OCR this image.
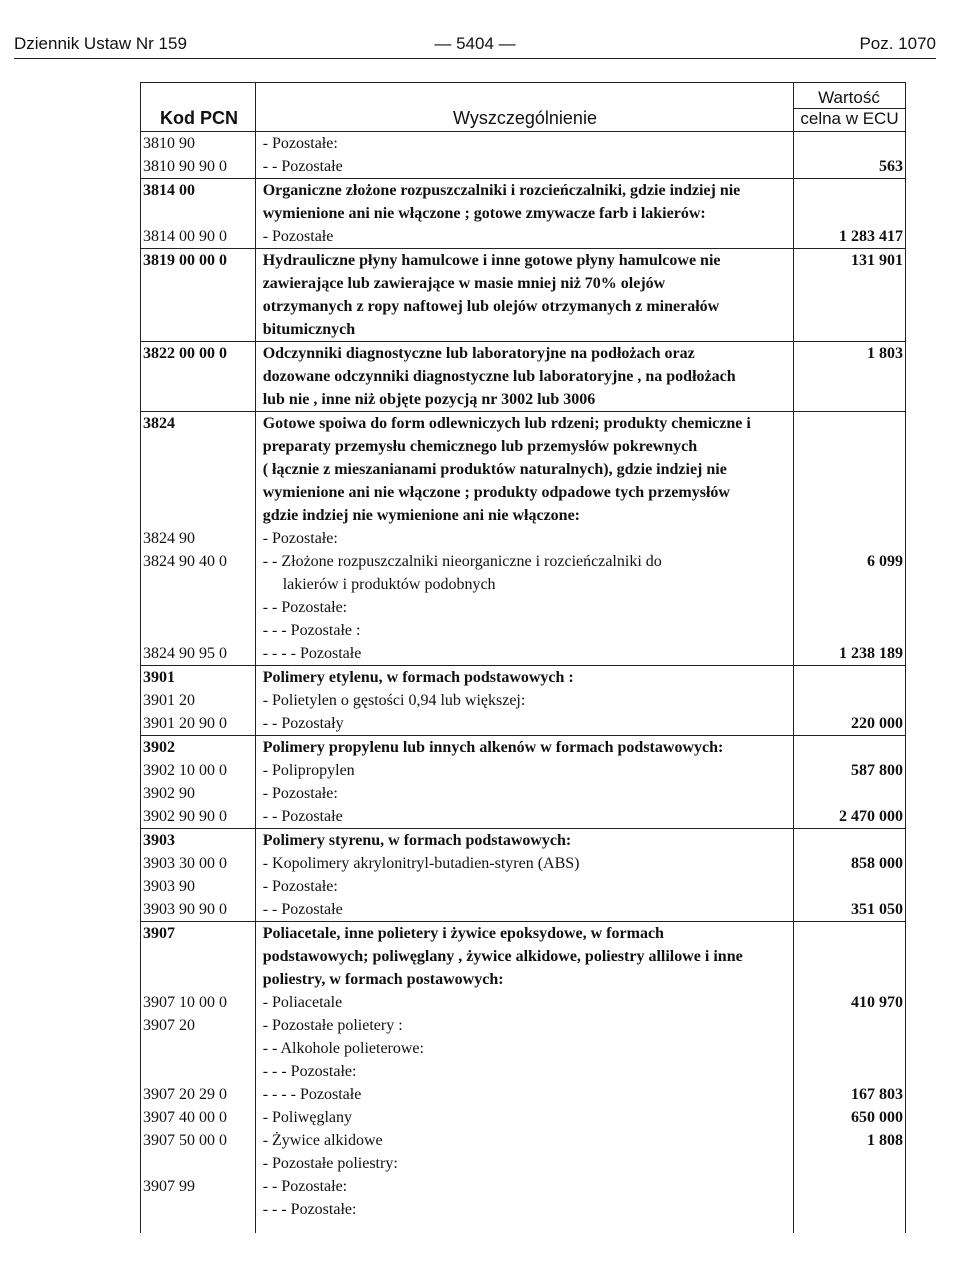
Dziennik Ustaw Nr 159	— 5404 —	Poz. 1070
Kod PCN	Wyszczególnienie
Wartość
celna w ECU
3810 90	- Pozostałe:
3810 90 90 0	- - Pozostałe	563
3814 00	Organiczne złożone rozpuszczalniki i rozcieńczalniki, gdzie indziej nie
wymienione ani nie włączone ; gotowe zmywacze farb i lakierów:
3814 00 90 0	- Pozostałe	1 283 417
3819 00 00 0	Hydrauliczne płyny hamulcowe i inne gotowe płyny hamulcowe nie	131 901
zawierające lub zawierające w masie mniej niż 70% olejów
otrzymanych z ropy naftowej lub olejów otrzymanych z minerałów
bitumicznych
3822 00 00 0	Odczynniki diagnostyczne lub laboratoryjne na podłożach oraz	1 803
dozowane odczynniki diagnostyczne lub laboratoryjne , na podłożach
lub nie , inne niż objęte pozycją nr 3002 lub 3006
3824	Gotowe spoiwa do form odlewniczych lub rdzeni; produkty chemiczne i
preparaty przemysłu chemicznego lub przemysłów pokrewnych
( łącznie z mieszanianami produktów naturalnych), gdzie indziej nie
wymienione ani nie włączone ; produkty odpadowe tych przemysłów
gdzie indziej nie wymienione ani nie włączone:
3824 90	- Pozostałe:
3824 90 40 0	- - Złożone rozpuszczalniki nieorganiczne i rozcieńczalniki do	6 099
lakierów i produktów podobnych
- - Pozostałe:
- - - Pozostałe :
3824 90 95 0	- - - - Pozostałe	1 238 189
3901	Polimery etylenu, w formach podstawowych :
3901 20	- Polietylen o gęstości 0,94 lub większej:
3901 20 90 0	- - Pozostały	220 000
3902	Polimery propylenu lub innych alkenów w formach podstawowych:
3902 10 00 0	- Polipropylen	587 800
3902 90	- Pozostałe:
3902 90 90 0	- - Pozostałe	2 470 000
3903	Polimery styrenu, w formach podstawowych:
3903 30 00 0	- Kopolimery akrylonitryl-butadien-styren (ABS)	858 000
3903 90	- Pozostałe:
3903 90 90 0	- - Pozostałe	351 050
3907	Poliacetale, inne polietery i żywice epoksydowe, w formach
podstawowych; poliwęglany , żywice alkidowe, poliestry allilowe i inne
poliestry, w formach postawowych:
3907 10 00 0	- Poliacetale	410 970
3907 20	- Pozostałe polietery :
- - Alkohole polieterowe:
- - - Pozostałe:
3907 20 29 0	- - - - Pozostałe	167 803
3907 40 00 0	- Poliwęglany	650 000
3907 50 00 0	- Żywice alkidowe	1 808
- Pozostałe poliestry:
3907 99	- - Pozostałe:
- - - Pozostałe:
